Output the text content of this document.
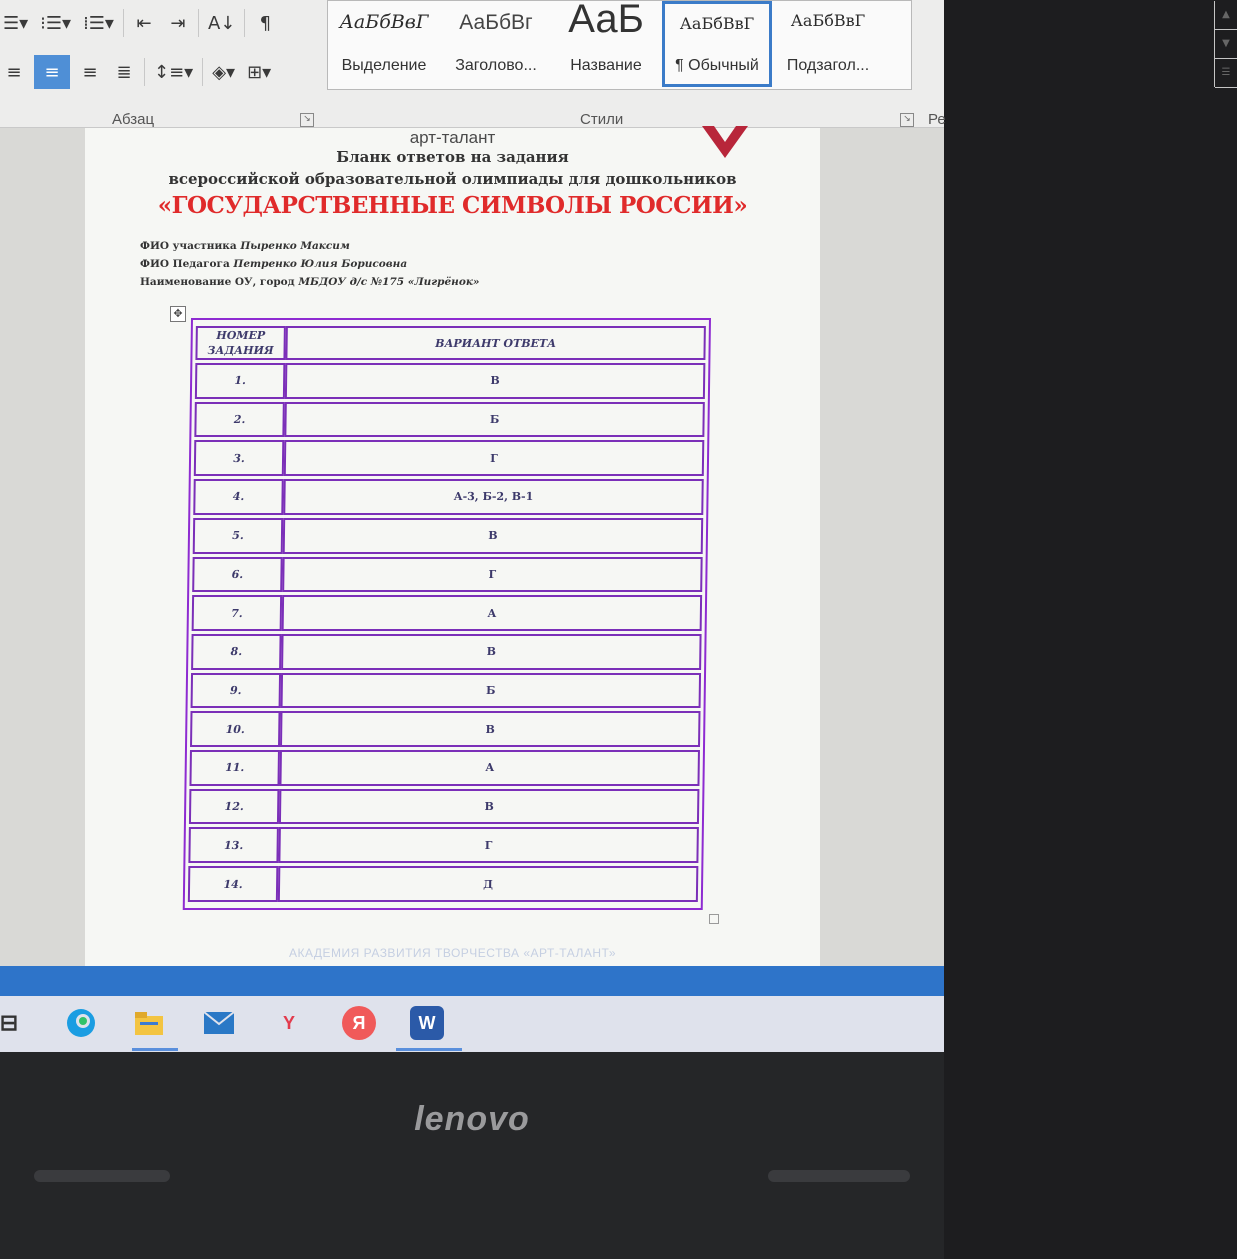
☰▾ ⁝☰▾ ⁞☰▾	⇤	⇥	A↓	¶
≡	≡	≡	≣	↕≡▾ ◈▾ ⊞▾
Абзац	↘
АаБбВвГ
Выделение
АаБбВг
Заголово...
АаБ
Название
АаБбВвГ
¶ Обычный
АаБбВвГ
Подзагол...
▲
▼
☰
Стили	↘ Ре
арт-талант
Бланк ответов на задания
всероссийской образовательной олимпиады для дошкольников
«ГОСУДАРСТВЕННЫЕ СИМВОЛЫ РОССИИ»
ФИО участника Пыренко Максим
ФИО Педагога Петренко Юлия Борисовна
Наименование ОУ, город МБДОУ д/с №175 «Лигрёнок»
✥
НОМЕР ЗАДАНИЯ	ВАРИАНТ ОТВЕТА
1.	В
2.	Б
3.	Г
4.	А-3, Б-2, В-1
5.	В
6.	Г
7.	А
8.	В
9.	Б
10.	В
11.	А
12.	В
13.	Г
14.	Д
АКАДЕМИЯ РАЗВИТИЯ ТВОРЧЕСТВА «АРТ-ТАЛАНТ»
⊟	Y	Я	W
lenovo
